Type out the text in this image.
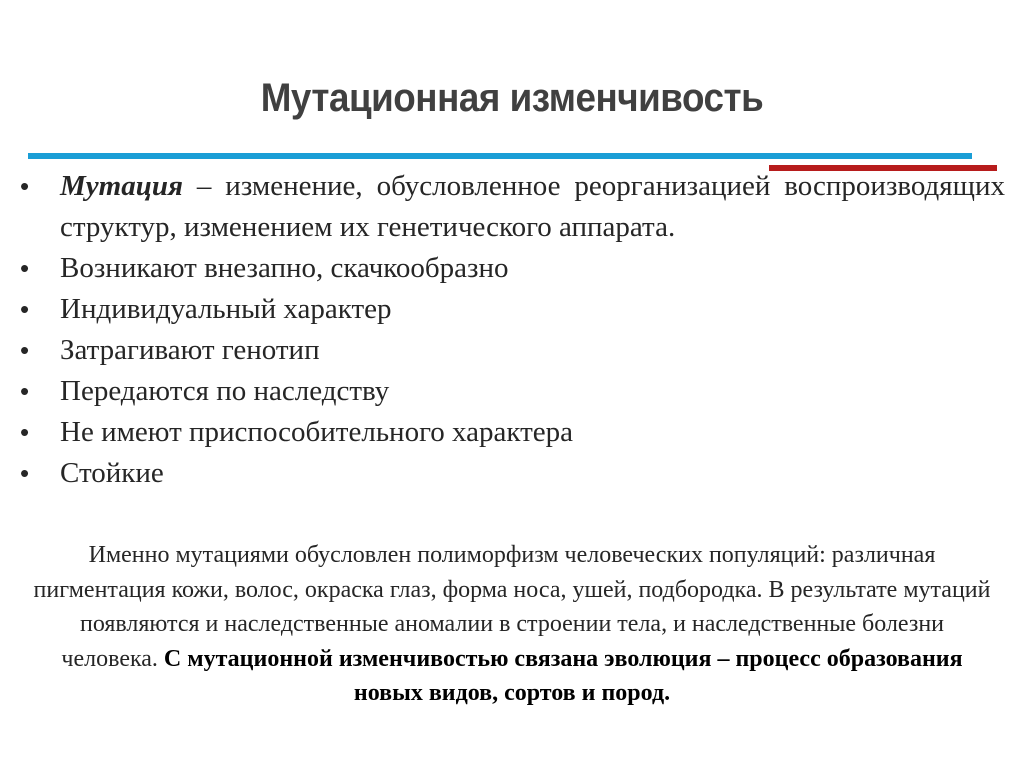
Мутационная изменчивость
•	Мутация – изменение, обусловленное реорганизацией воспроизводящих структур, изменением их генетического аппарата.
•	Возникают внезапно, скачкообразно
•	Индивидуальный характер
•	Затрагивают генотип
•	Передаются по наследству
•	Не имеют приспособительного характера
•	Стойкие

Именно мутациями обусловлен полиморфизм человеческих популяций: различная пигментация кожи, волос, окраска глаз, форма носа, ушей, подбородка. В результате мутаций появляются и наследственные аномалии в строении тела, и наследственные болезни человека. С мутационной изменчивостью связана эволюция – процесс образования новых видов, сортов и пород.
